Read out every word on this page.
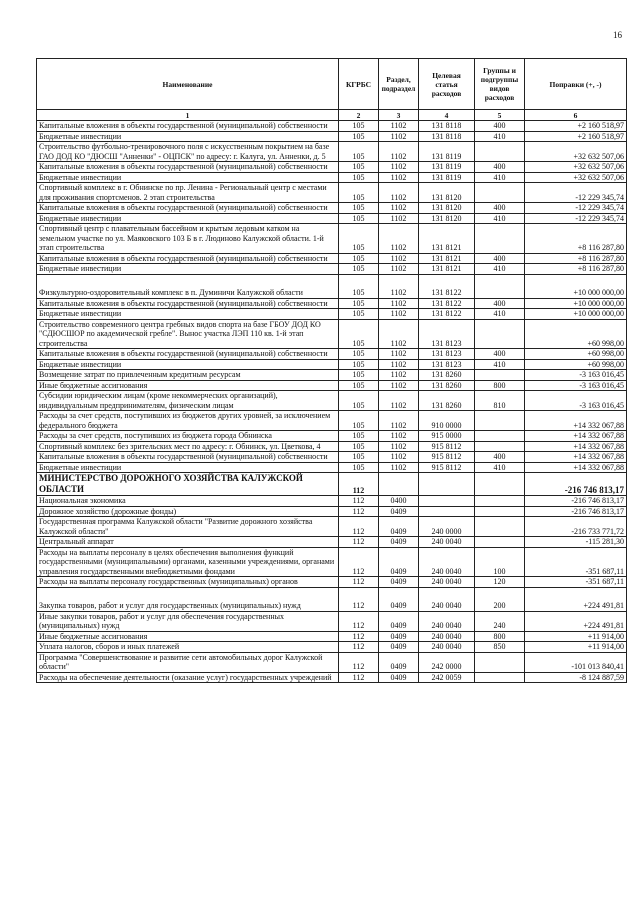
16
Наименование	КГРБС	Раздел, подраздел	Целевая статья расходов	Группы и подгруппы видов расходов	Поправки (+, -)
1	2	3	4	5	6
Капитальные вложения в объекты государственной (муниципальной) собственности	105	1102	131 8118	400	+2 160 518,97
Бюджетные инвестиции	105	1102	131 8118	410	+2 160 518,97
Строительство футбольно-тренировочного поля с искусственным покрытием на базе ГАО ДОД КО "ДЮСШ "Анненки" - ОЦПСК" по адресу: г. Калуга, ул. Анненки, д. 5	105	1102	131 8119		+32 632 507,06
Капитальные вложения в объекты государственной (муниципальной) собственности	105	1102	131 8119	400	+32 632 507,06
Бюджетные инвестиции	105	1102	131 8119	410	+32 632 507,06
Спортивный комплекс в г. Обнинске по пр. Ленина - Региональный центр с местами для проживания спортсменов. 2 этап строительства	105	1102	131 8120		-12 229 345,74
Капитальные вложения в объекты государственной (муниципальной) собственности	105	1102	131 8120	400	-12 229 345,74
Бюджетные инвестиции	105	1102	131 8120	410	-12 229 345,74
Спортивный центр с плавательным бассейном и крытым ледовым катком на земельном участке по ул. Маяковского 103 Б в г. Людиново Калужской области. 1-й этап строительства	105	1102	131 8121		+8 116 287,80
Капитальные вложения в объекты государственной (муниципальной) собственности	105	1102	131 8121	400	+8 116 287,80
Бюджетные инвестиции	105	1102	131 8121	410	+8 116 287,80
Физкультурно-оздоровительный комплекс в п. Думиничи Калужской области	105	1102	131 8122		+10 000 000,00
Капитальные вложения в объекты государственной (муниципальной) собственности	105	1102	131 8122	400	+10 000 000,00
Бюджетные инвестиции	105	1102	131 8122	410	+10 000 000,00
Строительство современного центра гребных видов спорта на базе ГБОУ ДОД КО "СДЮСШОР по академической гребле". Вынос участка ЛЭП 110 кв. 1-й этап строительства	105	1102	131 8123		+60 998,00
Капитальные вложения в объекты государственной (муниципальной) собственности	105	1102	131 8123	400	+60 998,00
Бюджетные инвестиции	105	1102	131 8123	410	+60 998,00
Возмещение затрат по привлеченным кредитным ресурсам	105	1102	131 8260		-3 163 016,45
Иные бюджетные ассигнования	105	1102	131 8260	800	-3 163 016,45
Субсидии юридическим лицам (кроме некоммерческих организаций), индивидуальным предпринимателям, физическим лицам	105	1102	131 8260	810	-3 163 016,45
Расходы за счет средств, поступивших из бюджетов других уровней, за исключением федерального бюджета	105	1102	910 0000		+14 332 067,88
Расходы за счет средств, поступивших из бюджета города Обнинска	105	1102	915 0000		+14 332 067,88
Спортивный комплекс без зрительских мест по адресу: г. Обнинск, ул. Цветкова, 4	105	1102	915 8112		+14 332 067,88
Капитальные вложения в объекты государственной (муниципальной) собственности	105	1102	915 8112	400	+14 332 067,88
Бюджетные инвестиции	105	1102	915 8112	410	+14 332 067,88
МИНИСТЕРСТВО ДОРОЖНОГО ХОЗЯЙСТВА КАЛУЖСКОЙ ОБЛАСТИ	112				-216 746 813,17
Национальная экономика	112	0400			-216 746 813,17
Дорожное хозяйство (дорожные фонды)	112	0409			-216 746 813,17
Государственная программа Калужской области "Развитие дорожного хозяйства Калужской области"	112	0409	240 0000		-216 733 771,72
Центральный аппарат	112	0409	240 0040		-115 281,30
Расходы на выплаты персоналу в целях обеспечения выполнения функций государственными (муниципальными) органами, казенными учреждениями, органами управления государственными внебюджетными фондами	112	0409	240 0040	100	-351 687,11
Расходы на выплаты персоналу государственных (муниципальных) органов	112	0409	240 0040	120	-351 687,11
Закупка товаров, работ и услуг для государственных (муниципальных) нужд	112	0409	240 0040	200	+224 491,81
Иные закупки товаров, работ и услуг для обеспечения государственных (муниципальных) нужд	112	0409	240 0040	240	+224 491,81
Иные бюджетные ассигнования	112	0409	240 0040	800	+11 914,00
Уплата налогов, сборов и иных платежей	112	0409	240 0040	850	+11 914,00
Программа "Совершенствование и развитие сети автомобильных дорог Калужской области"	112	0409	242 0000		-101 013 840,41
Расходы на обеспечение деятельности (оказание услуг) государственных учреждений	112	0409	242 0059		-8 124 887,59
